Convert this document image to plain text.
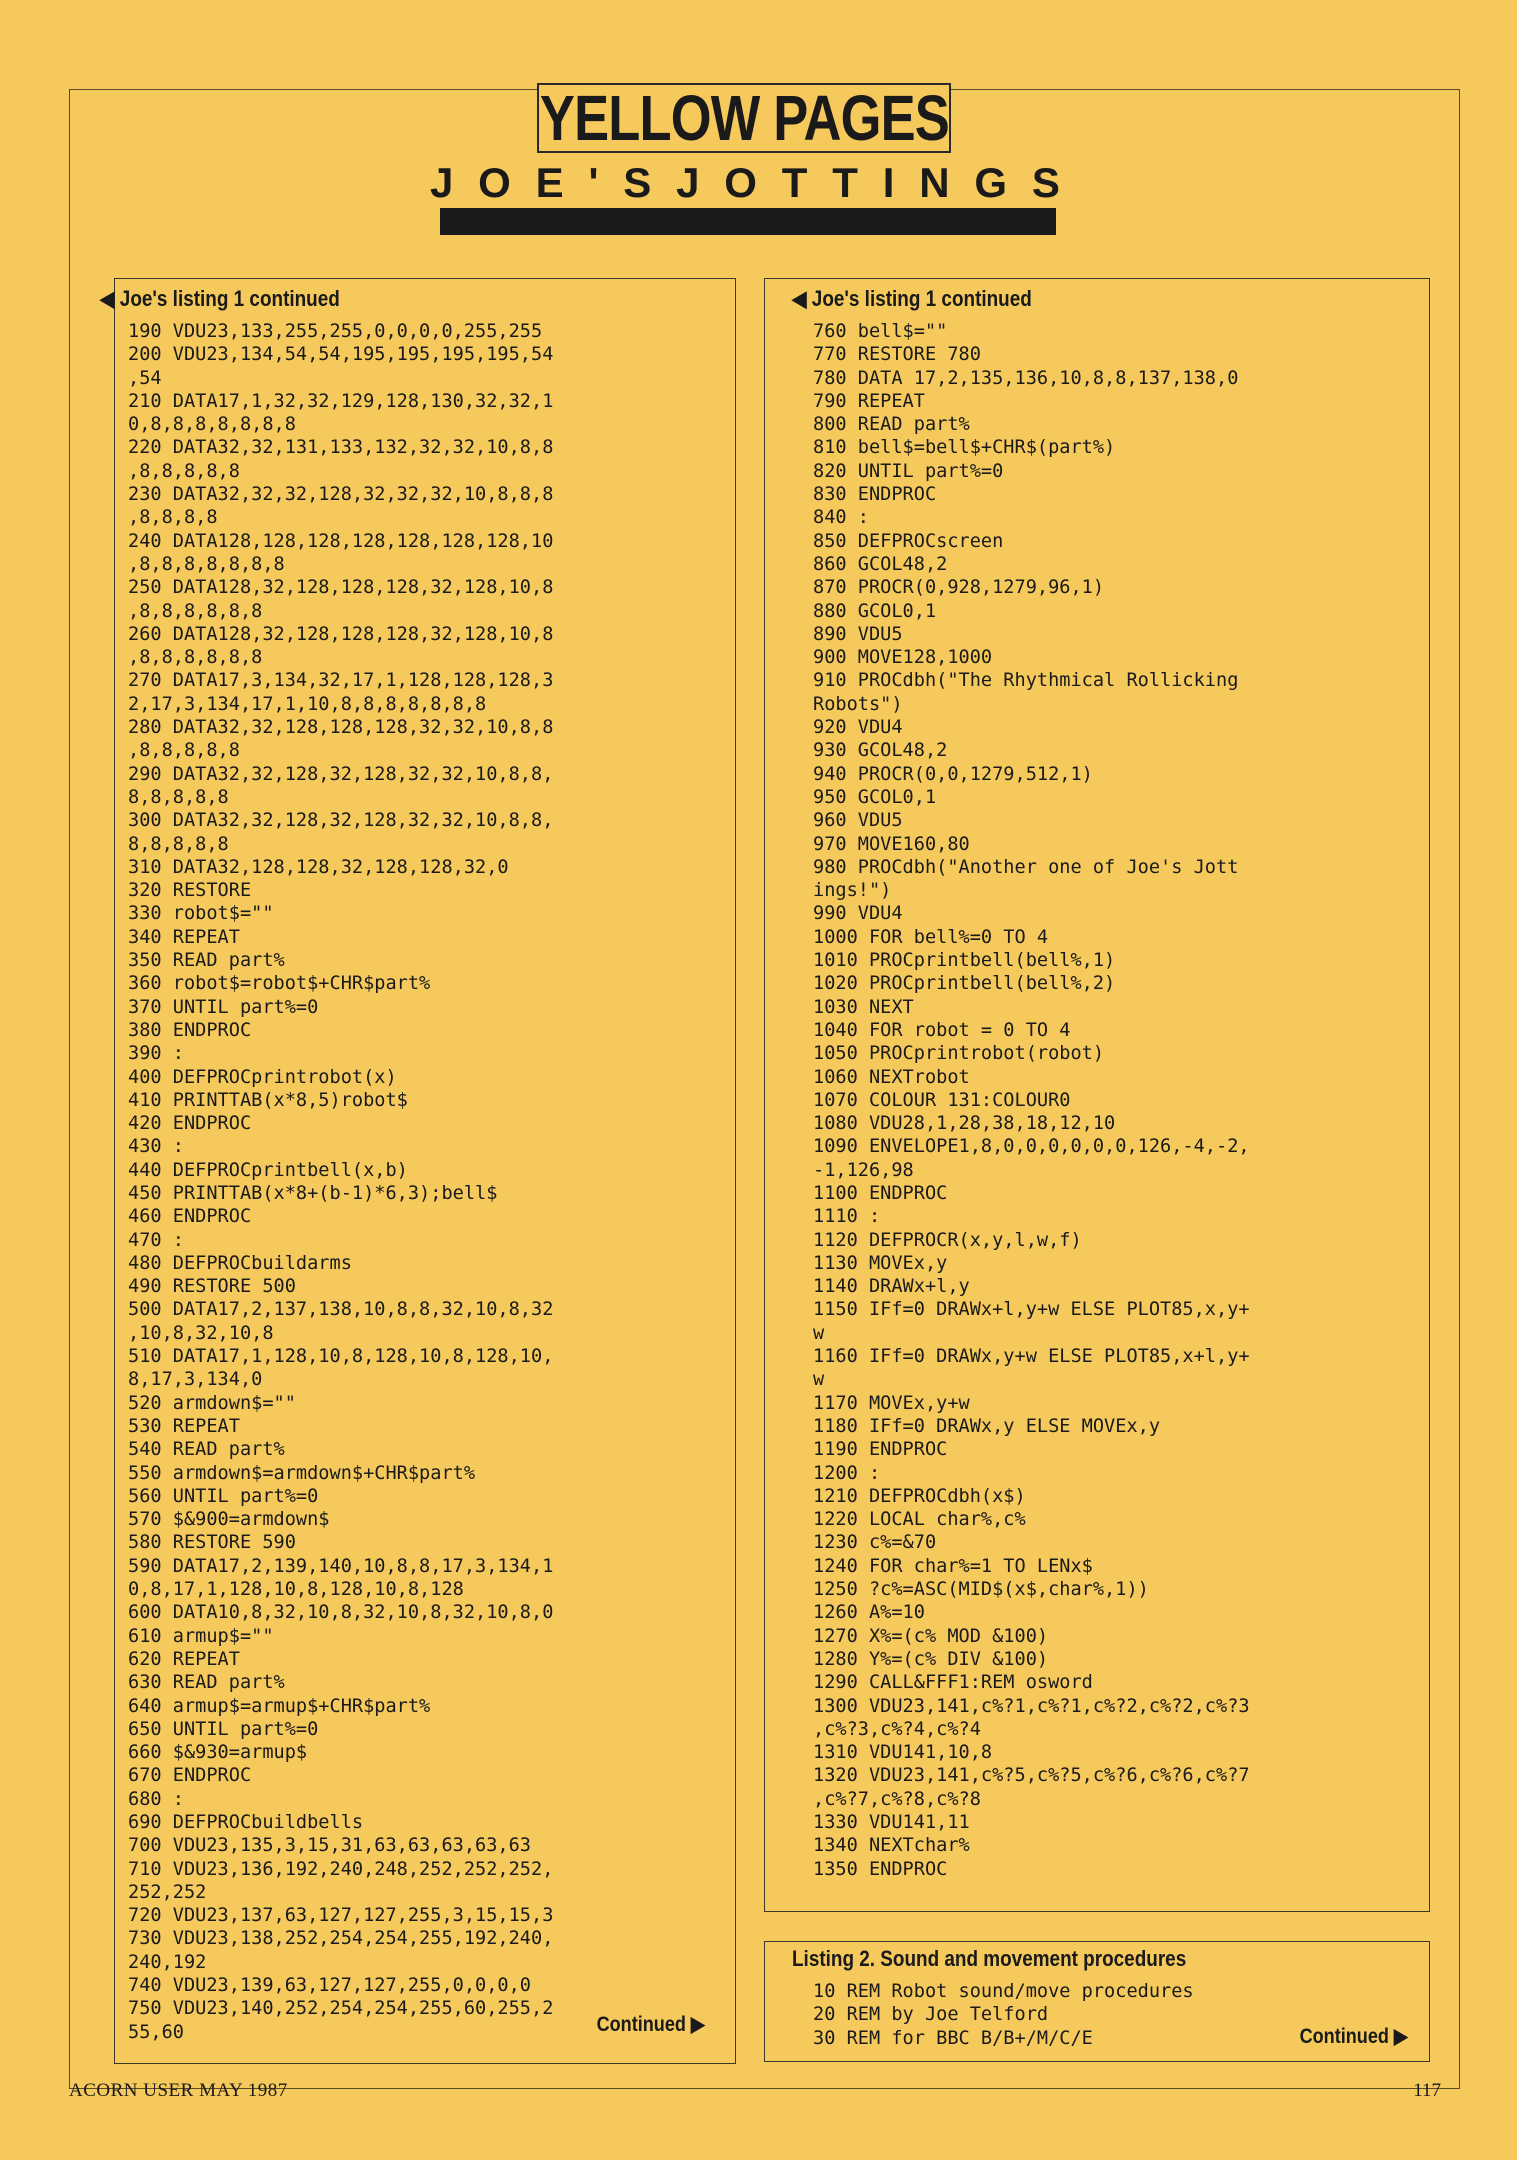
YELLOW PAGES
J O E ' S J O T T I N G S
◀ Joe's listing 1 continued
190 VDU23,133,255,255,0,0,0,0,255,255
200 VDU23,134,54,54,195,195,195,195,54
,54
210 DATA17,1,32,32,129,128,130,32,32,1
0,8,8,8,8,8,8,8
220 DATA32,32,131,133,132,32,32,10,8,8
,8,8,8,8,8
230 DATA32,32,32,128,32,32,32,10,8,8,8
,8,8,8,8
240 DATA128,128,128,128,128,128,128,10
,8,8,8,8,8,8,8
250 DATA128,32,128,128,128,32,128,10,8
,8,8,8,8,8,8
260 DATA128,32,128,128,128,32,128,10,8
,8,8,8,8,8,8
270 DATA17,3,134,32,17,1,128,128,128,3
2,17,3,134,17,1,10,8,8,8,8,8,8,8
280 DATA32,32,128,128,128,32,32,10,8,8
,8,8,8,8,8
290 DATA32,32,128,32,128,32,32,10,8,8,
8,8,8,8,8
300 DATA32,32,128,32,128,32,32,10,8,8,
8,8,8,8,8
310 DATA32,128,128,32,128,128,32,0
320 RESTORE
330 robot$=""
340 REPEAT
350 READ part%
360 robot$=robot$+CHR$part%
370 UNTIL part%=0
380 ENDPROC
390 :
400 DEFPROCprintrobot(x)
410 PRINTTAB(x*8,5)robot$
420 ENDPROC
430 :
440 DEFPROCprintbell(x,b)
450 PRINTTAB(x*8+(b-1)*6,3);bell$
460 ENDPROC
470 :
480 DEFPROCbuildarms
490 RESTORE 500
500 DATA17,2,137,138,10,8,8,32,10,8,32
,10,8,32,10,8
510 DATA17,1,128,10,8,128,10,8,128,10,
8,17,3,134,0
520 armdown$=""
530 REPEAT
540 READ part%
550 armdown$=armdown$+CHR$part%
560 UNTIL part%=0
570 $&900=armdown$
580 RESTORE 590
590 DATA17,2,139,140,10,8,8,17,3,134,1
0,8,17,1,128,10,8,128,10,8,128
600 DATA10,8,32,10,8,32,10,8,32,10,8,0
610 armup$=""
620 REPEAT
630 READ part%
640 armup$=armup$+CHR$part%
650 UNTIL part%=0
660 $&930=armup$
670 ENDPROC
680 :
690 DEFPROCbuildbells
700 VDU23,135,3,15,31,63,63,63,63,63
710 VDU23,136,192,240,248,252,252,252,
252,252
720 VDU23,137,63,127,127,255,3,15,15,3
730 VDU23,138,252,254,254,255,192,240,
240,192
740 VDU23,139,63,127,127,255,0,0,0,0
750 VDU23,140,252,254,254,255,60,255,2
55,60	Continued ▶
◀ Joe's listing 1 continued
760 bell$=""
770 RESTORE 780
780 DATA 17,2,135,136,10,8,8,137,138,0
790 REPEAT
800 READ part%
810 bell$=bell$+CHR$(part%)
820 UNTIL part%=0
830 ENDPROC
840 :
850 DEFPROCscreen
860 GCOL48,2
870 PROCR(0,928,1279,96,1)
880 GCOL0,1
890 VDU5
900 MOVE128,1000
910 PROCdbh("The Rhythmical Rollicking
Robots")
920 VDU4
930 GCOL48,2
940 PROCR(0,0,1279,512,1)
950 GCOL0,1
960 VDU5
970 MOVE160,80
980 PROCdbh("Another one of Joe's Jott
ings!")
990 VDU4
1000 FOR bell%=0 TO 4
1010 PROCprintbell(bell%,1)
1020 PROCprintbell(bell%,2)
1030 NEXT
1040 FOR robot = 0 TO 4
1050 PROCprintrobot(robot)
1060 NEXTrobot
1070 COLOUR 131:COLOUR0
1080 VDU28,1,28,38,18,12,10
1090 ENVELOPE1,8,0,0,0,0,0,0,126,-4,-2,
-1,126,98
1100 ENDPROC
1110 :
1120 DEFPROCR(x,y,l,w,f)
1130 MOVEx,y
1140 DRAWx+l,y
1150 IFf=0 DRAWx+l,y+w ELSE PLOT85,x,y+
w
1160 IFf=0 DRAWx,y+w ELSE PLOT85,x+l,y+
w
1170 MOVEx,y+w
1180 IFf=0 DRAWx,y ELSE MOVEx,y
1190 ENDPROC
1200 :
1210 DEFPROCdbh(x$)
1220 LOCAL char%,c%
1230 c%=&70
1240 FOR char%=1 TO LENx$
1250 ?c%=ASC(MID$(x$,char%,1))
1260 A%=10
1270 X%=(c% MOD &100)
1280 Y%=(c% DIV &100)
1290 CALL&FFF1:REM osword
1300 VDU23,141,c%?1,c%?1,c%?2,c%?2,c%?3
,c%?3,c%?4,c%?4
1310 VDU141,10,8
1320 VDU23,141,c%?5,c%?5,c%?6,c%?6,c%?7
,c%?7,c%?8,c%?8
1330 VDU141,11
1340 NEXTchar%
1350 ENDPROC
Listing 2. Sound and movement procedures
10 REM Robot sound/move procedures
20 REM by Joe Telford
30 REM for BBC B/B+/M/C/E	Continued ▶
ACORN USER MAY 1987	117
